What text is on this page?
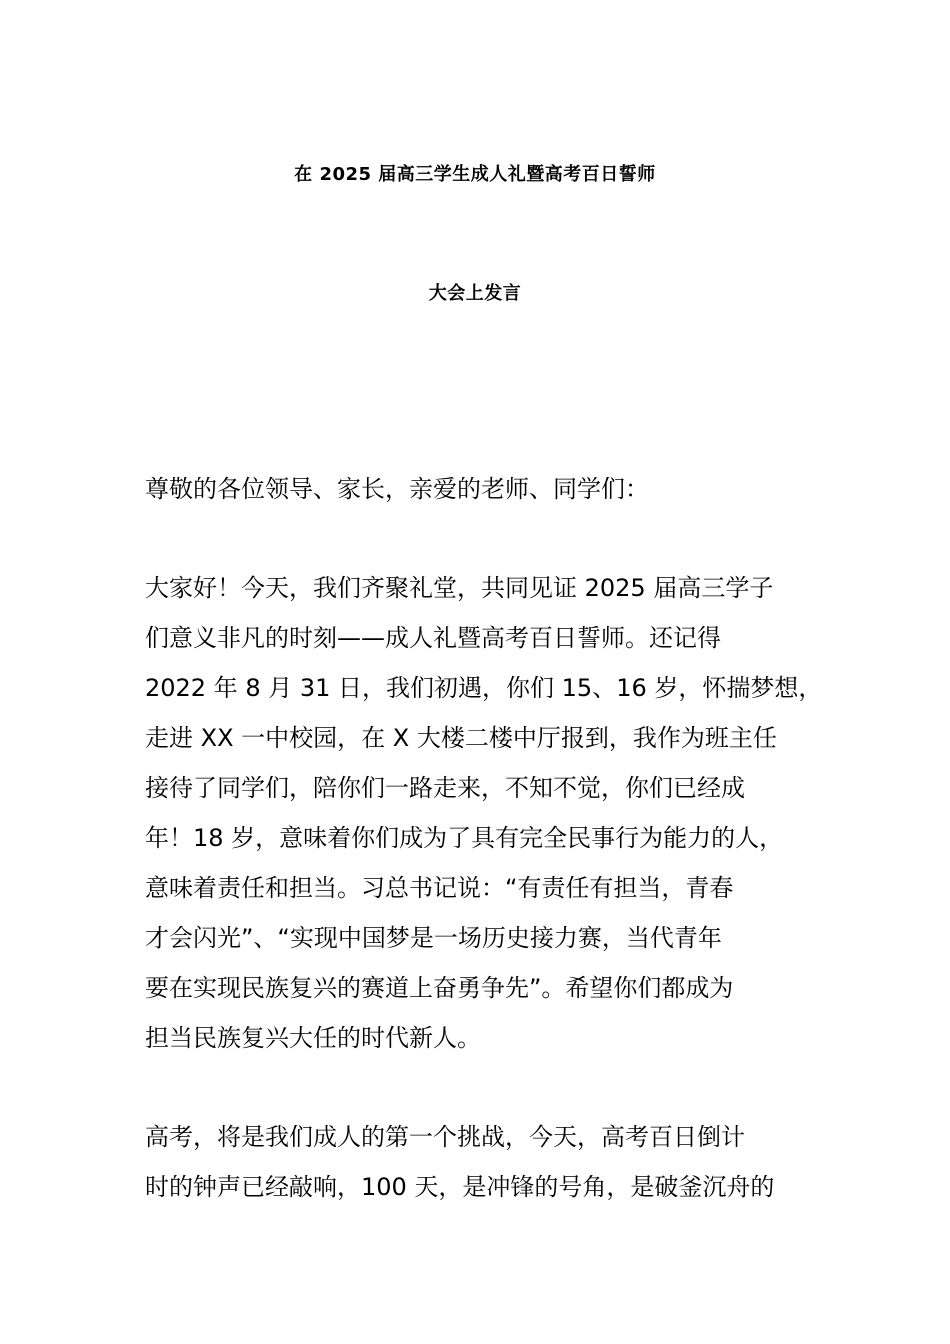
在 2025 届高三学生成人礼暨高考百日誓师
大会上发言
尊敬的各位领导、家长，亲爱的老师、同学们：
大家好！今天，我们齐聚礼堂，共同见证 2025 届高三学子
们意义非凡的时刻——成人礼暨高考百日誓师。还记得
2022 年 8 月 31 日，我们初遇，你们 15、16 岁，怀揣梦想，
走进 XX 一中校园，在 X 大楼二楼中厅报到，我作为班主任
接待了同学们，陪你们一路走来，不知不觉，你们已经成
年！18 岁，意味着你们成为了具有完全民事行为能力的人，
意味着责任和担当。习总书记说：“有责任有担当，青春
才会闪光”、“实现中国梦是一场历史接力赛，当代青年
要在实现民族复兴的赛道上奋勇争先”。希望你们都成为
担当民族复兴大任的时代新人。
高考，将是我们成人的第一个挑战，今天，高考百日倒计
时的钟声已经敲响，100 天，是冲锋的号角，是破釜沉舟的
